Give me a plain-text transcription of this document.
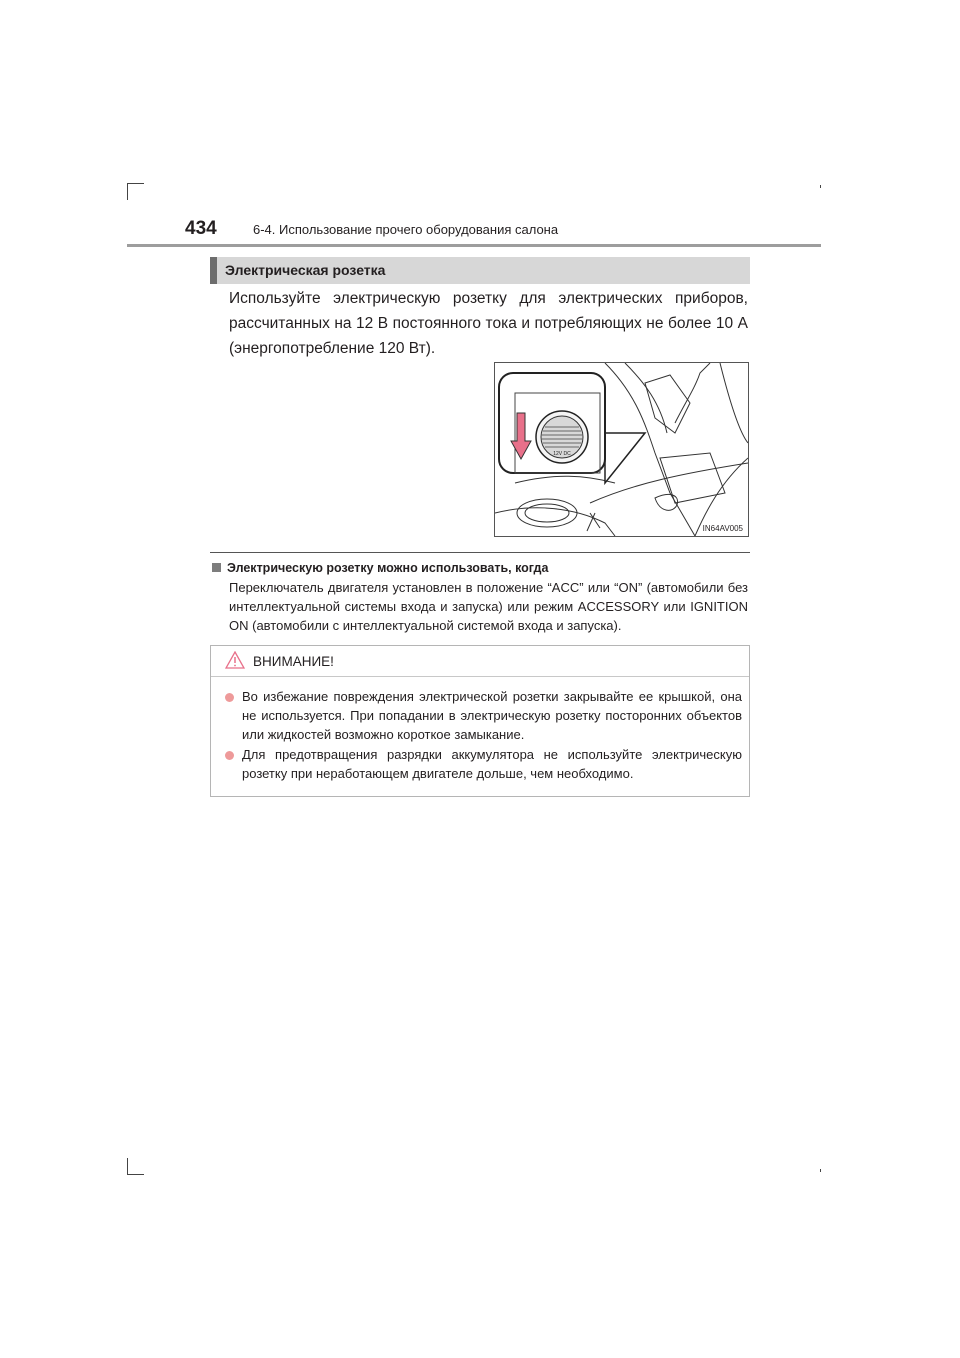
434	6-4. Использование прочего оборудования салона
Электрическая розетка

Используйте электрическую розетку для электрических приборов, рассчитанных на 12 В постоянного тока и потребляющих не более 10 А (энергопотребление 120 Вт).

12V DC
IN64AV005
Электрическую розетку можно использовать, когда

Переключатель двигателя установлен в положение “ACC” или “ON” (автомобили без интеллектуальной системы входа и запуска) или режим ACCESSORY или IGNITION ON (автомобили с интеллектуальной системой входа и запуска).

ВНИМАНИЕ!

Во избежание повреждения электрической розетки закрывайте ее крышкой, она не используется. При попадании в электрическую розетку посторонних объектов или жидкостей возможно короткое замыкание.

Для предотвращения разрядки аккумулятора не используйте электрическую розетку при неработающем двигателе дольше, чем необходимо.
